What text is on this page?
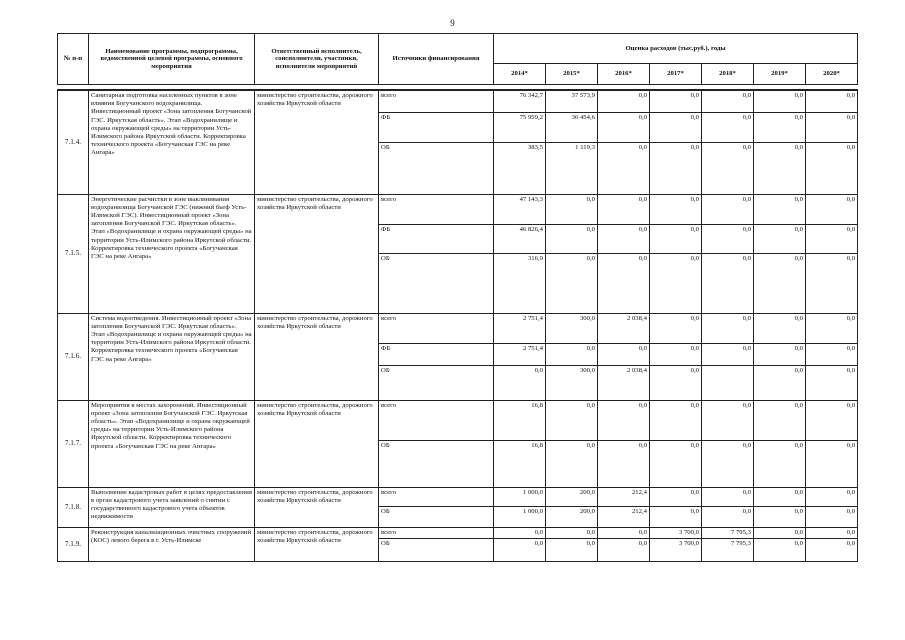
9
№ п-п	Наименование программы, подпрограммы, ведомственной целевой программы, основного мероприятия	Ответственный исполнитель, соисполнители, участники, исполнители мероприятий	Источники финансирования	Оценка расходов (тыс.руб.), годы						
				2014*	2015*	2016*	2017*	2018*	2019*	2020*

7.1.4.	Санитарная подготовка населенных пунктов в зоне влияния Богучанского водохранилища. Инвестиционный проект «Зона затопления Богучанской ГЭС. Иркутская область». Этап «Водохранилище и охрана окружающей среды» на территории Усть-Илимского района Иркутской области. Корректировка технического проекта «Богучанская ГЭС на реке Ангара»	министерство строительства, дорожного хозяйства Иркутской области	всего	76 342,7	37 573,9	0,0	0,0	0,0	0,0	0,0
			ФБ	75 959,2	36 454,6	0,0	0,0	0,0	0,0	0,0
			ОБ	383,5	1 119,3	0,0	0,0	0,0	0,0	0,0
7.1.5.	Энергетические расчистки в зоне выклинивания водохранилища Богучанской ГЭС (нижний бьеф Усть-Илимской ГЭС). Инвестиционный проект «Зона затопления Богучанской ГЭС. Иркутская область». Этап «Водохранилище и охрана окружающей среды» на территории Усть-Илимского района Иркутской области. Корректировка технического проекта «Богучанская ГЭС на реке Ангара»	министерство строительства, дорожного хозяйства Иркутской области	всего	47 143,3	0,0	0,0	0,0	0,0	0,0	0,0
			ФБ	46 826,4	0,0	0,0	0,0	0,0	0,0	0,0
			ОБ	316,9	0,0	0,0	0,0	0,0	0,0	0,0
7.1.6.	Система водоотведения. Инвестиционный проект «Зона затопления Богучанской ГЭС. Иркутская область». Этап «Водохранилище и охрана окружающей среды» на территории Усть-Илимского района Иркутской области. Корректировка технического проекта «Богучанская ГЭС на реке Ангара»	министерство строительства, дорожного хозяйства Иркутской области	всего	2 751,4	300,0	2 038,4	0,0	0,0	0,0	0,0
			ФБ	2 751,4	0,0	0,0	0,0	0,0	0,0	0,0
			ОБ	0,0	300,0	2 038,4	0,0		0,0	0,0
7.1.7.	Мероприятия в местах захоронений. Инвестиционный проект «Зона затопления Богучанской ГЭС. Иркутская область». Этап «Водохранилище и охрана окружающей среды» на территории Усть-Илимского района Иркутской области. Корректировка технического проекта «Богучанская ГЭС на реке Ангара»	министерство строительства, дорожного хозяйства Иркутской области	всего	16,8	0,0	0,0	0,0	0,0	0,0	0,0
			ОБ	16,8	0,0	0,0	0,0	0,0	0,0	0,0
7.1.8.	Выполнение кадастровых работ в целях предоставления в орган кадастрового учета заявлений о снятии с государственного кадастрового учета объектов недвижимости	министерство строительства, дорожного хозяйства Иркутской области	всего	1 000,0	200,0	212,4	0,0	0,0	0,0	0,0
			ОБ	1 000,0	200,0	212,4	0,0	0,0	0,0	0,0
7.1.9.	Реконструкция канализационных очистных сооружений (КОС) левого берега в г. Усть-Илимске	министерство строительства, дорожного хозяйства Иркутской области	всего	0,0	0,0	0,0	3 700,0	7 795,3	0,0	0,0
			ОБ	0,0	0,0	0,0	3 700,0	7 795,3	0,0	0,0
